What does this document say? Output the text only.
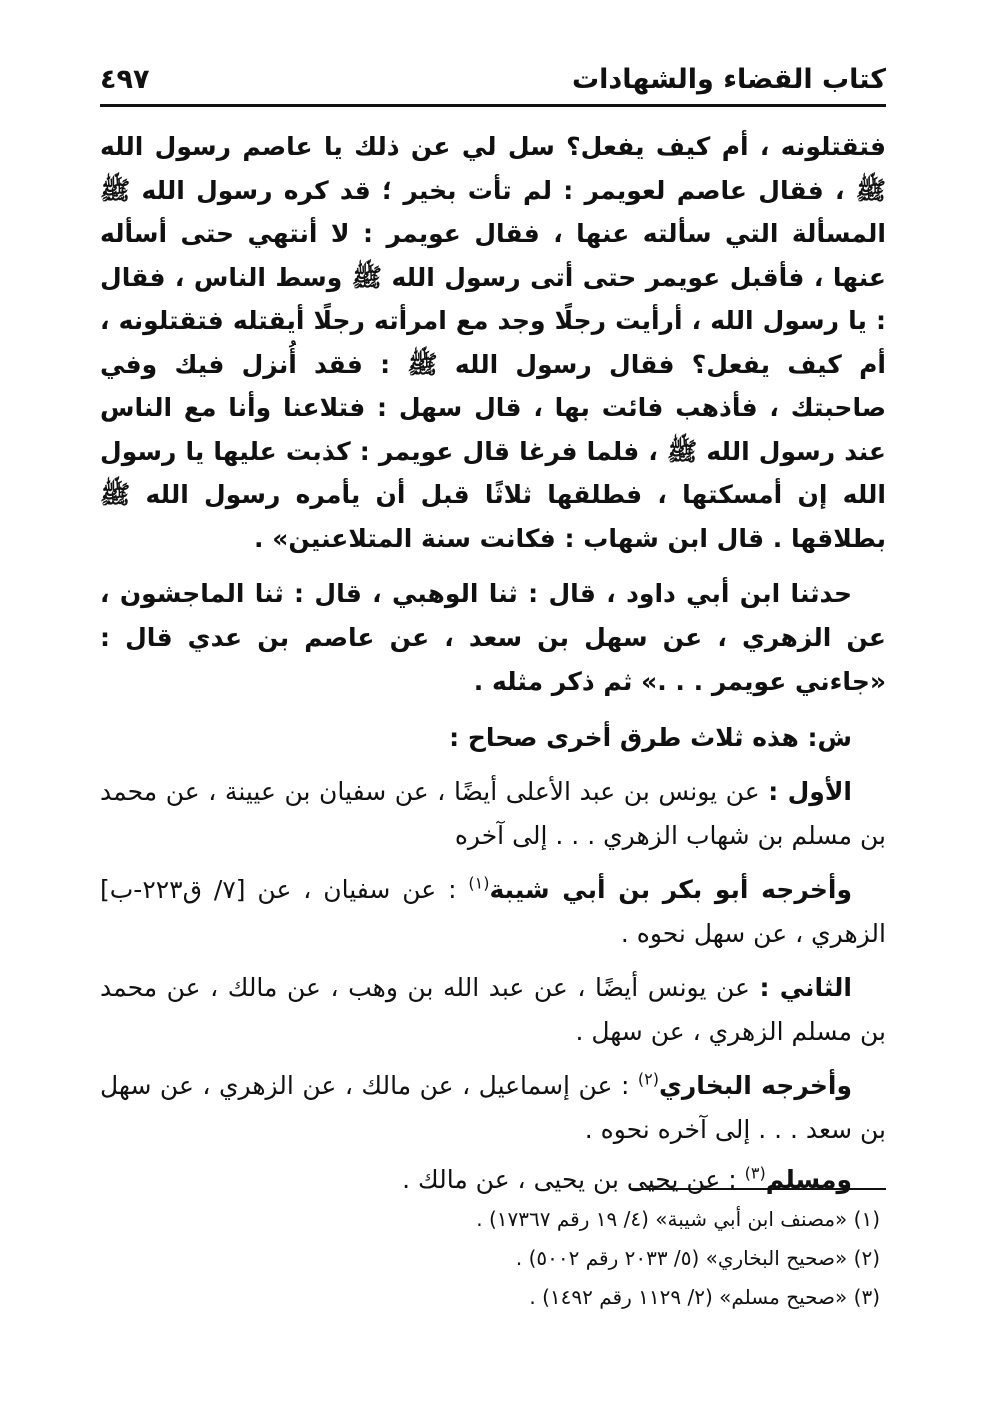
كتاب القضاء والشهادات
٤٩٧

فتقتلونه ، أم كيف يفعل؟ سل لي عن ذلك يا عاصم رسول الله ﷺ ، فقال عاصم لعويمر : لم تأت بخير ؛ قد كره رسول الله ﷺ المسألة التي سألته عنها ، فقال عويمر : لا أنتهي حتى أسأله عنها ، فأقبل عويمر حتى أتى رسول الله ﷺ وسط الناس ، فقال : يا رسول الله ، أرأيت رجلًا وجد مع امرأته رجلًا أيقتله فتقتلونه ، أم كيف يفعل؟ فقال رسول الله ﷺ : فقد أُنزل فيك وفي صاحبتك ، فأذهب فائت بها ، قال سهل : فتلاعنا وأنا مع الناس عند رسول الله ﷺ ، فلما فرغا قال عويمر : كذبت عليها يا رسول الله إن أمسكتها ، فطلقها ثلاثًا قبل أن يأمره رسول الله ﷺ بطلاقها . قال ابن شهاب : فكانت سنة المتلاعنين» .

حدثنا ابن أبي داود ، قال : ثنا الوهبي ، قال : ثنا الماجشون ، عن الزهري ، عن سهل بن سعد ، عن عاصم بن عدي قال : «جاءني عويمر . . .» ثم ذكر مثله .

ش: هذه ثلاث طرق أخرى صحاح :

الأول : عن يونس بن عبد الأعلى أيضًا ، عن سفيان بن عيينة ، عن محمد بن مسلم بن شهاب الزهري . . . إلى آخره

وأخرجه أبو بكر بن أبي شيبة$^{(١)}$ : عن سفيان ، عن [٧/ ق٢٢٣-ب] الزهري ، عن سهل نحوه .

الثاني : عن يونس أيضًا ، عن عبد الله بن وهب ، عن مالك ، عن محمد بن مسلم الزهري ، عن سهل .

وأخرجه البخاري$^{(٢)}$ : عن إسماعيل ، عن مالك ، عن الزهري ، عن سهل بن سعد . . . إلى آخره نحوه .

ومسلم$^{(٣)}$ : عن يحيى بن يحيى ، عن مالك .

(١) «مصنف ابن أبي شيبة» (٤/ ١٩ رقم ١٧٣٦٧) .
(٢) «صحيح البخاري» (٥/ ٢٠٣٣ رقم ٥٠٠٢) .
(٣) «صحيح مسلم» (٢/ ١١٢٩ رقم ١٤٩٢) .
